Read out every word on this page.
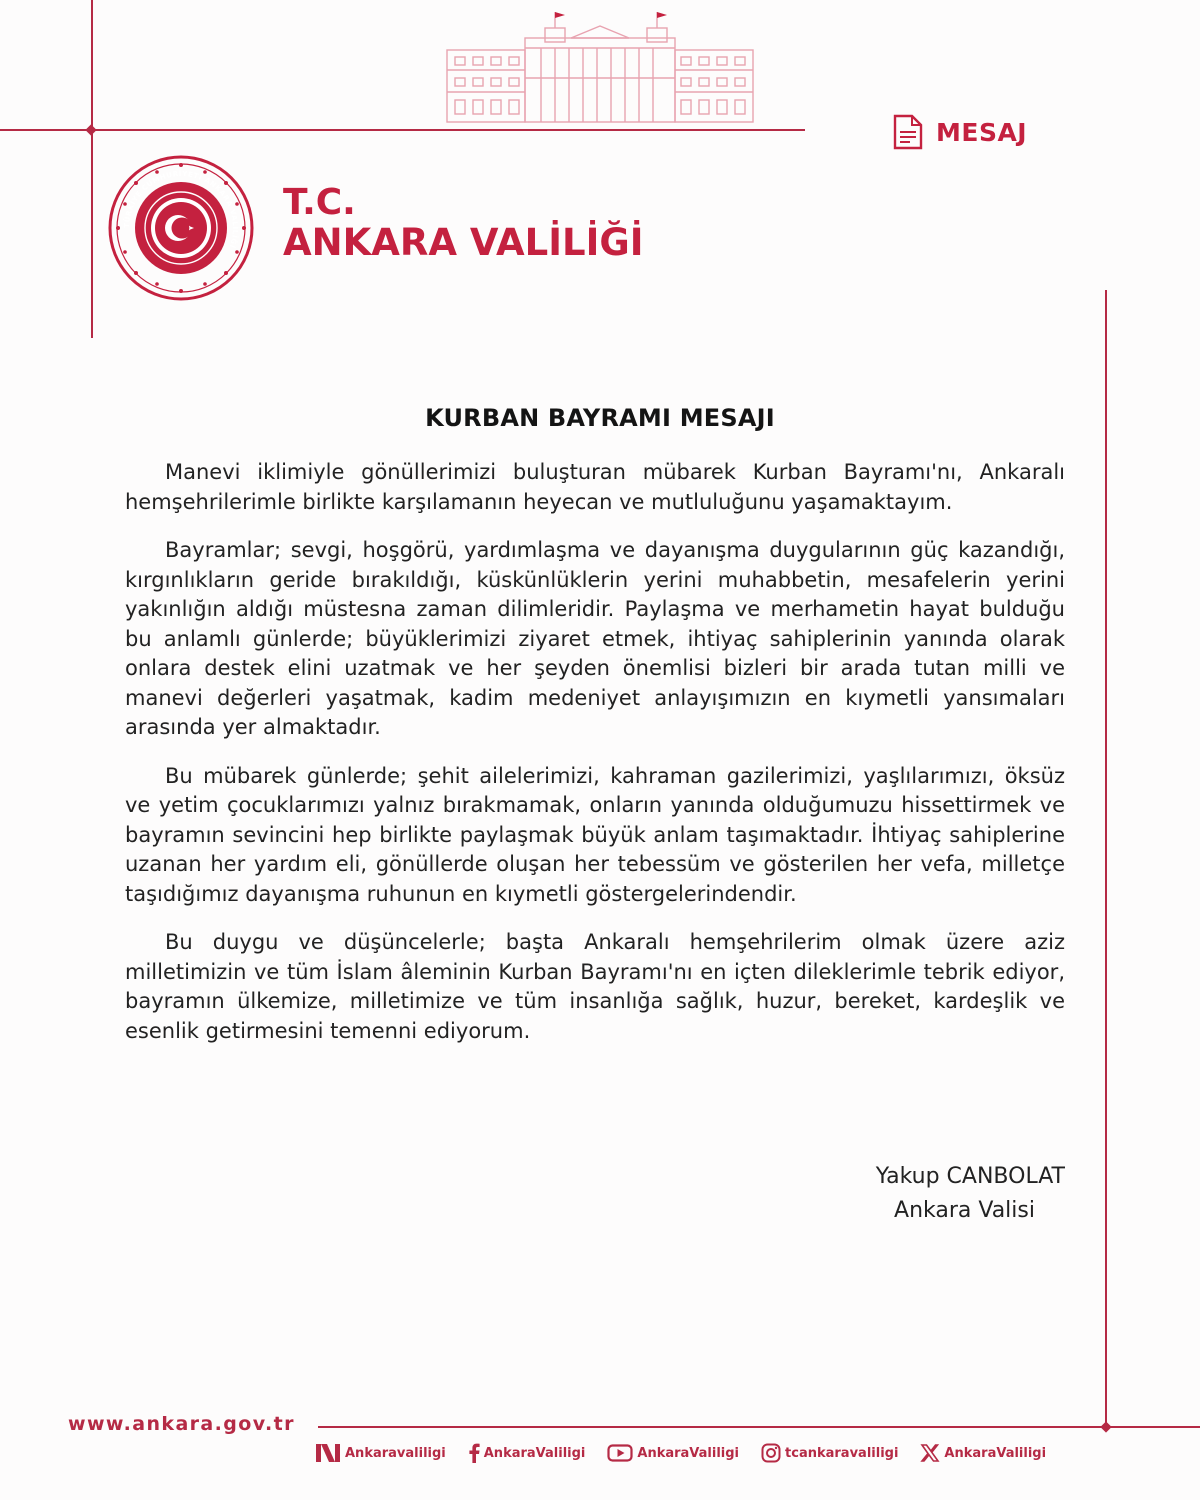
MESAJ
TÜRKİYE CUMHURİYETİ ANKARA VALİLİĞİ
T.C.
ANKARA VALİLİĞİ
KURBAN BAYRAMI MESAJI

Manevi iklimiyle gönüllerimizi buluşturan mübarek Kurban Bayramı'nı, Ankaralı hemşehrilerimle birlikte karşılamanın heyecan ve mutluluğunu yaşamaktayım.

Bayramlar; sevgi, hoşgörü, yardımlaşma ve dayanışma duygularının güç kazandığı, kırgınlıkların geride bırakıldığı, küskünlüklerin yerini muhabbetin, mesafelerin yerini yakınlığın aldığı müstesna zaman dilimleridir. Paylaşma ve merhametin hayat bulduğu bu anlamlı günlerde; büyüklerimizi ziyaret etmek, ihtiyaç sahiplerinin yanında olarak onlara destek elini uzatmak ve her şeyden önemlisi bizleri bir arada tutan milli ve manevi değerleri yaşatmak, kadim medeniyet anlayışımızın en kıymetli yansımaları arasında yer almaktadır.

Bu mübarek günlerde; şehit ailelerimizi, kahraman gazilerimizi, yaşlılarımızı, öksüz ve yetim çocuklarımızı yalnız bırakmamak, onların yanında olduğumuzu hissettirmek ve bayramın sevincini hep birlikte paylaşmak büyük anlam taşımaktadır. İhtiyaç sahiplerine uzanan her yardım eli, gönüllerde oluşan her tebessüm ve gösterilen her vefa, milletçe taşıdığımız dayanışma ruhunun en kıymetli göstergelerindendir.

Bu duygu ve düşüncelerle; başta Ankaralı hemşehrilerim olmak üzere aziz milletimizin ve tüm İslam âleminin Kurban Bayramı'nı en içten dileklerimle tebrik ediyor, bayramın ülkemize, milletimize ve tüm insanlığa sağlık, huzur, bereket, kardeşlik ve esenlik getirmesini temenni ediyorum.

Yakup CANBOLAT
Ankara Valisi
www.ankara.gov.tr
Ankaravaliligi	AnkaraValiligi	AnkaraValiligi	tcankaravaliligi	AnkaraValiligi
